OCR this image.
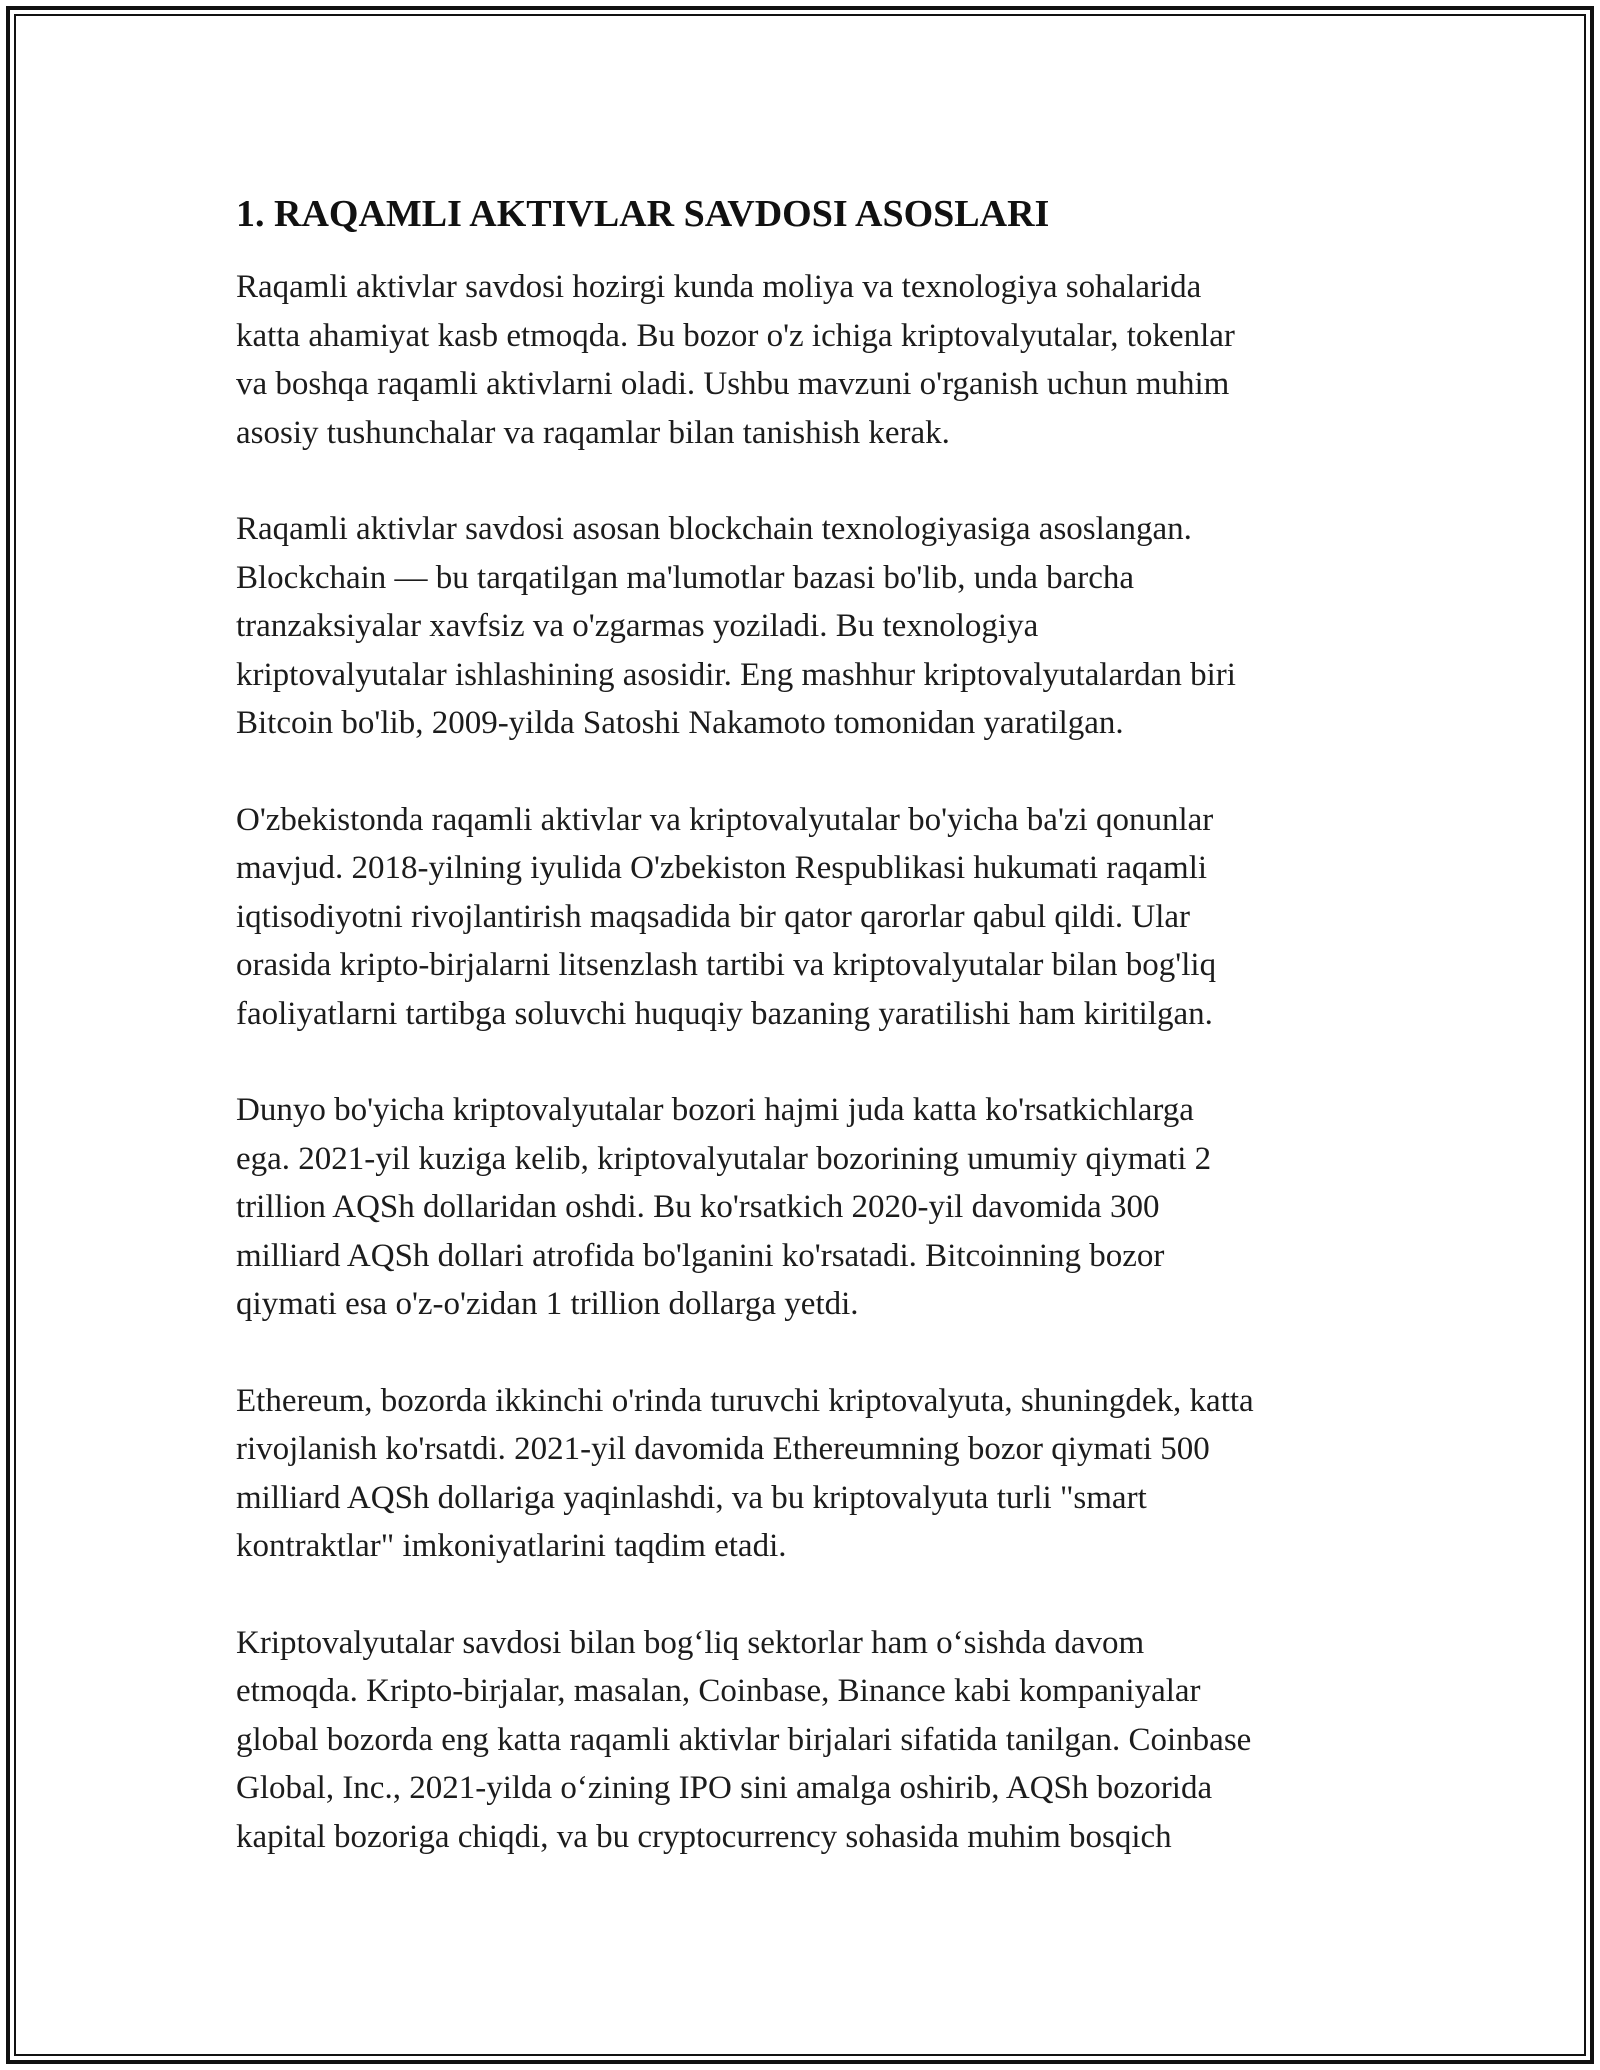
1. RAQAMLI AKTIVLAR SAVDOSI ASOSLARI

Raqamli aktivlar savdosi hozirgi kunda moliya va texnologiya sohalarida
katta ahamiyat kasb etmoqda. Bu bozor o'z ichiga kriptovalyutalar, tokenlar
va boshqa raqamli aktivlarni oladi. Ushbu mavzuni o'rganish uchun muhim
asosiy tushunchalar va raqamlar bilan tanishish kerak.

Raqamli aktivlar savdosi asosan blockchain texnologiyasiga asoslangan.
Blockchain — bu tarqatilgan ma'lumotlar bazasi bo'lib, unda barcha
tranzaksiyalar xavfsiz va o'zgarmas yoziladi. Bu texnologiya
kriptovalyutalar ishlashining asosidir. Eng mashhur kriptovalyutalardan biri
Bitcoin bo'lib, 2009-yilda Satoshi Nakamoto tomonidan yaratilgan.

O'zbekistonda raqamli aktivlar va kriptovalyutalar bo'yicha ba'zi qonunlar
mavjud. 2018-yilning iyulida O'zbekiston Respublikasi hukumati raqamli
iqtisodiyotni rivojlantirish maqsadida bir qator qarorlar qabul qildi. Ular
orasida kripto-birjalarni litsenzlash tartibi va kriptovalyutalar bilan bog'liq
faoliyatlarni tartibga soluvchi huquqiy bazaning yaratilishi ham kiritilgan.

Dunyo bo'yicha kriptovalyutalar bozori hajmi juda katta ko'rsatkichlarga
ega. 2021-yil kuziga kelib, kriptovalyutalar bozorining umumiy qiymati 2
trillion AQSh dollaridan oshdi. Bu ko'rsatkich 2020-yil davomida 300
milliard AQSh dollari atrofida bo'lganini ko'rsatadi. Bitcoinning bozor
qiymati esa o'z-o'zidan 1 trillion dollarga yetdi.

Ethereum, bozorda ikkinchi o'rinda turuvchi kriptovalyuta, shuningdek, katta
rivojlanish ko'rsatdi. 2021-yil davomida Ethereumning bozor qiymati 500
milliard AQSh dollariga yaqinlashdi, va bu kriptovalyuta turli "smart
kontraktlar" imkoniyatlarini taqdim etadi.

Kriptovalyutalar savdosi bilan bog‘liq sektorlar ham o‘sishda davom
etmoqda. Kripto-birjalar, masalan, Coinbase, Binance kabi kompaniyalar
global bozorda eng katta raqamli aktivlar birjalari sifatida tanilgan. Coinbase
Global, Inc., 2021-yilda o‘zining IPO sini amalga oshirib, AQSh bozorida
kapital bozoriga chiqdi, va bu cryptocurrency sohasida muhim bosqich
